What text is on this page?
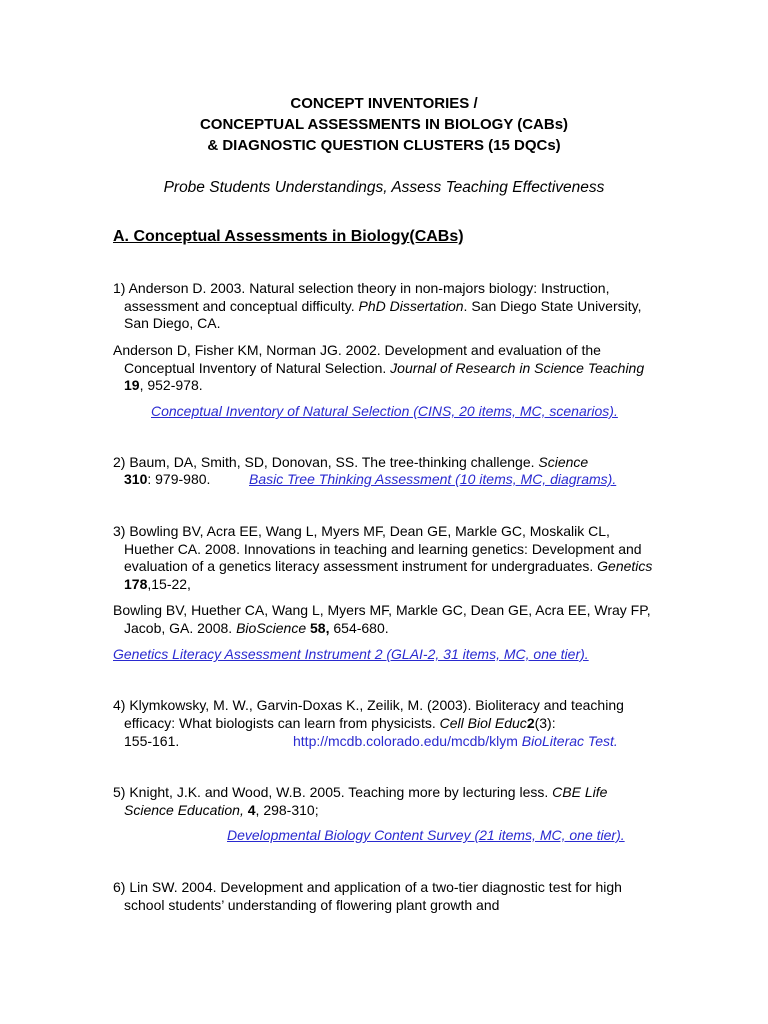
CONCEPT INVENTORIES /
CONCEPTUAL ASSESSMENTS IN BIOLOGY (CABs)
& DIAGNOSTIC QUESTION CLUSTERS (15 DQCs)
Probe Students Understandings, Assess Teaching Effectiveness
A. Conceptual Assessments in Biology(CABs)

1) Anderson D. 2003. Natural selection theory in non-majors biology: Instruction, assessment and conceptual difficulty. PhD Dissertation. San Diego State University, San Diego, CA.

Anderson D, Fisher KM, Norman JG. 2002. Development and evaluation of the Conceptual Inventory of Natural Selection. Journal of Research in Science Teaching 19, 952-978.

Conceptual Inventory of Natural Selection (CINS, 20 items, MC, scenarios).

2) Baum, DA, Smith, SD, Donovan, SS. The tree-thinking challenge. Science

310: 979-980.	Basic Tree Thinking Assessment (10 items, MC, diagrams).

3) Bowling BV, Acra EE, Wang L, Myers MF, Dean GE, Markle GC, Moskalik CL, Huether CA. 2008. Innovations in teaching and learning genetics: Development and evaluation of a genetics literacy assessment instrument for undergraduates. Genetics 178,15-22,

Bowling BV, Huether CA, Wang L, Myers MF, Markle GC, Dean GE, Acra EE, Wray FP, Jacob, GA. 2008. BioScience 58, 654-680.

Genetics Literacy Assessment Instrument 2 (GLAI-2, 31 items, MC, one tier).

4) Klymkowsky, M. W., Garvin-Doxas K., Zeilik, M. (2003). Bioliteracy and teaching efficacy: What biologists can learn from physicists. Cell Biol Educ2(3):

155-161.	http://mcdb.colorado.edu/mcdb/klym BioLiterac Test.

5) Knight, J.K. and Wood, W.B. 2005. Teaching more by lecturing less. CBE Life Science Education, 4, 298-310;

Developmental Biology Content Survey (21 items, MC, one tier).

6) Lin SW. 2004. Development and application of a two-tier diagnostic test for high school students’ understanding of flowering plant growth and
